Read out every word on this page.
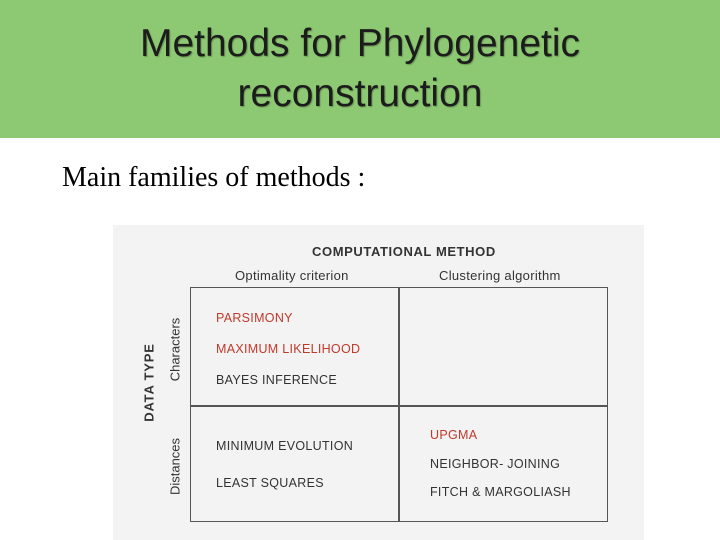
Methods for Phylogenetic
reconstruction
Main families of methods :
COMPUTATIONAL METHOD
Optimality criterion	Clustering algorithm
DATA TYPE Characters
Distances
PARSIMONY
MAXIMUM LIKELIHOOD
BAYES INFERENCE
MINIMUM EVOLUTION
LEAST SQUARES
UPGMA
NEIGHBOR- JOINING
FITCH & MARGOLIASH
